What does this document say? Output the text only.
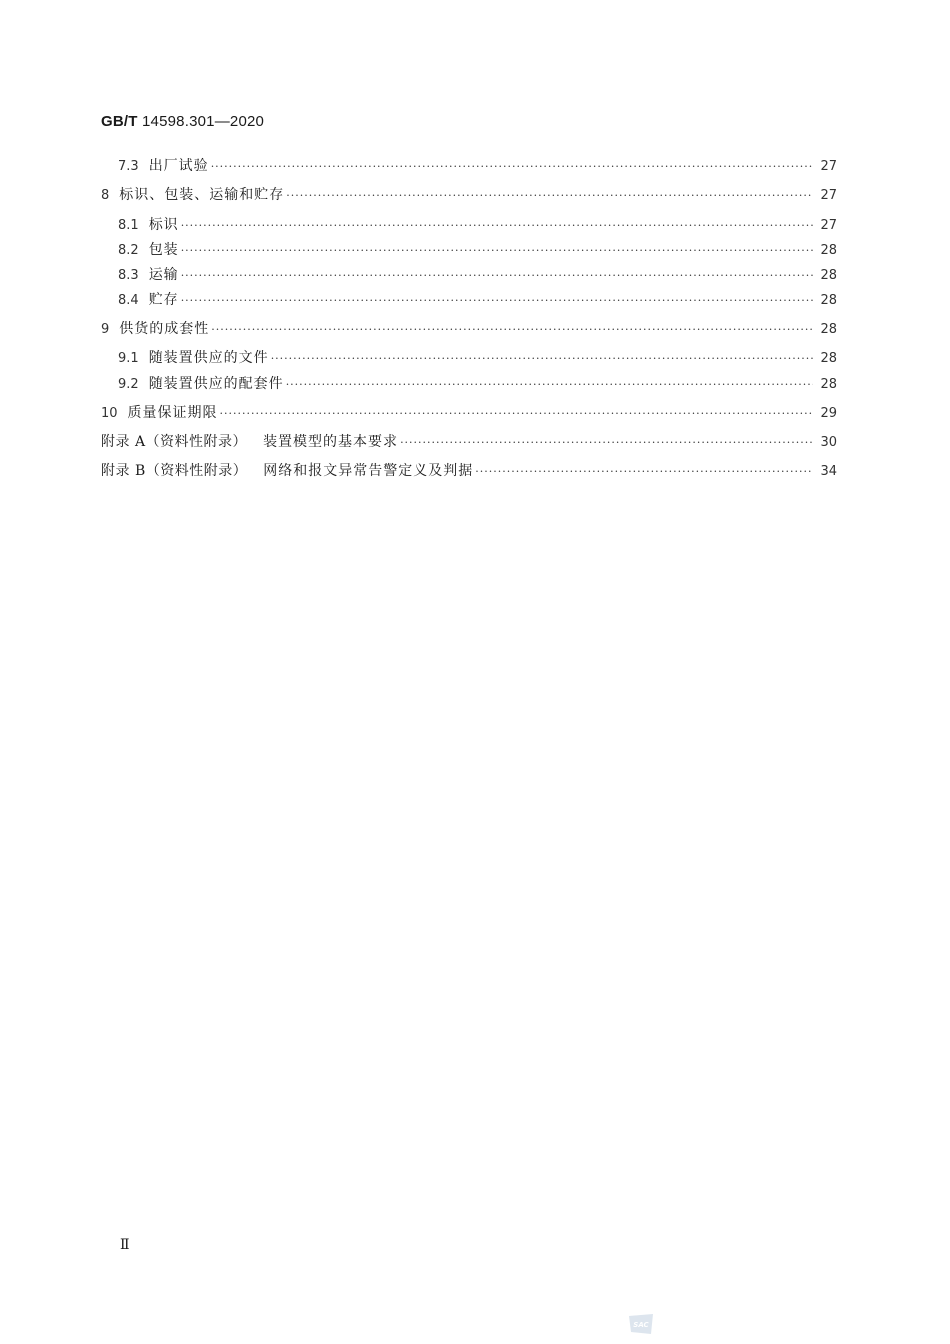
GB/T 14598.301—2020
7.3 出厂试验 ·····	27
8 标识、包装、运输和贮存 ·····	27
8.1 标识 ·····	27
8.2 包装 ·····	28
8.3 运输 ·····	28
8.4 贮存 ·····	28
9 供货的成套性 ·····	28
9.1 随装置供应的文件 ·····	28
9.2 随装置供应的配套件 ·····	28
10 质量保证期限 ·····	29
附录 A（资料性附录） 装置模型的基本要求 ·····	30
附录 B（资料性附录） 网络和报文异常告警定义及判据 ·····	34
Ⅱ
SAC
